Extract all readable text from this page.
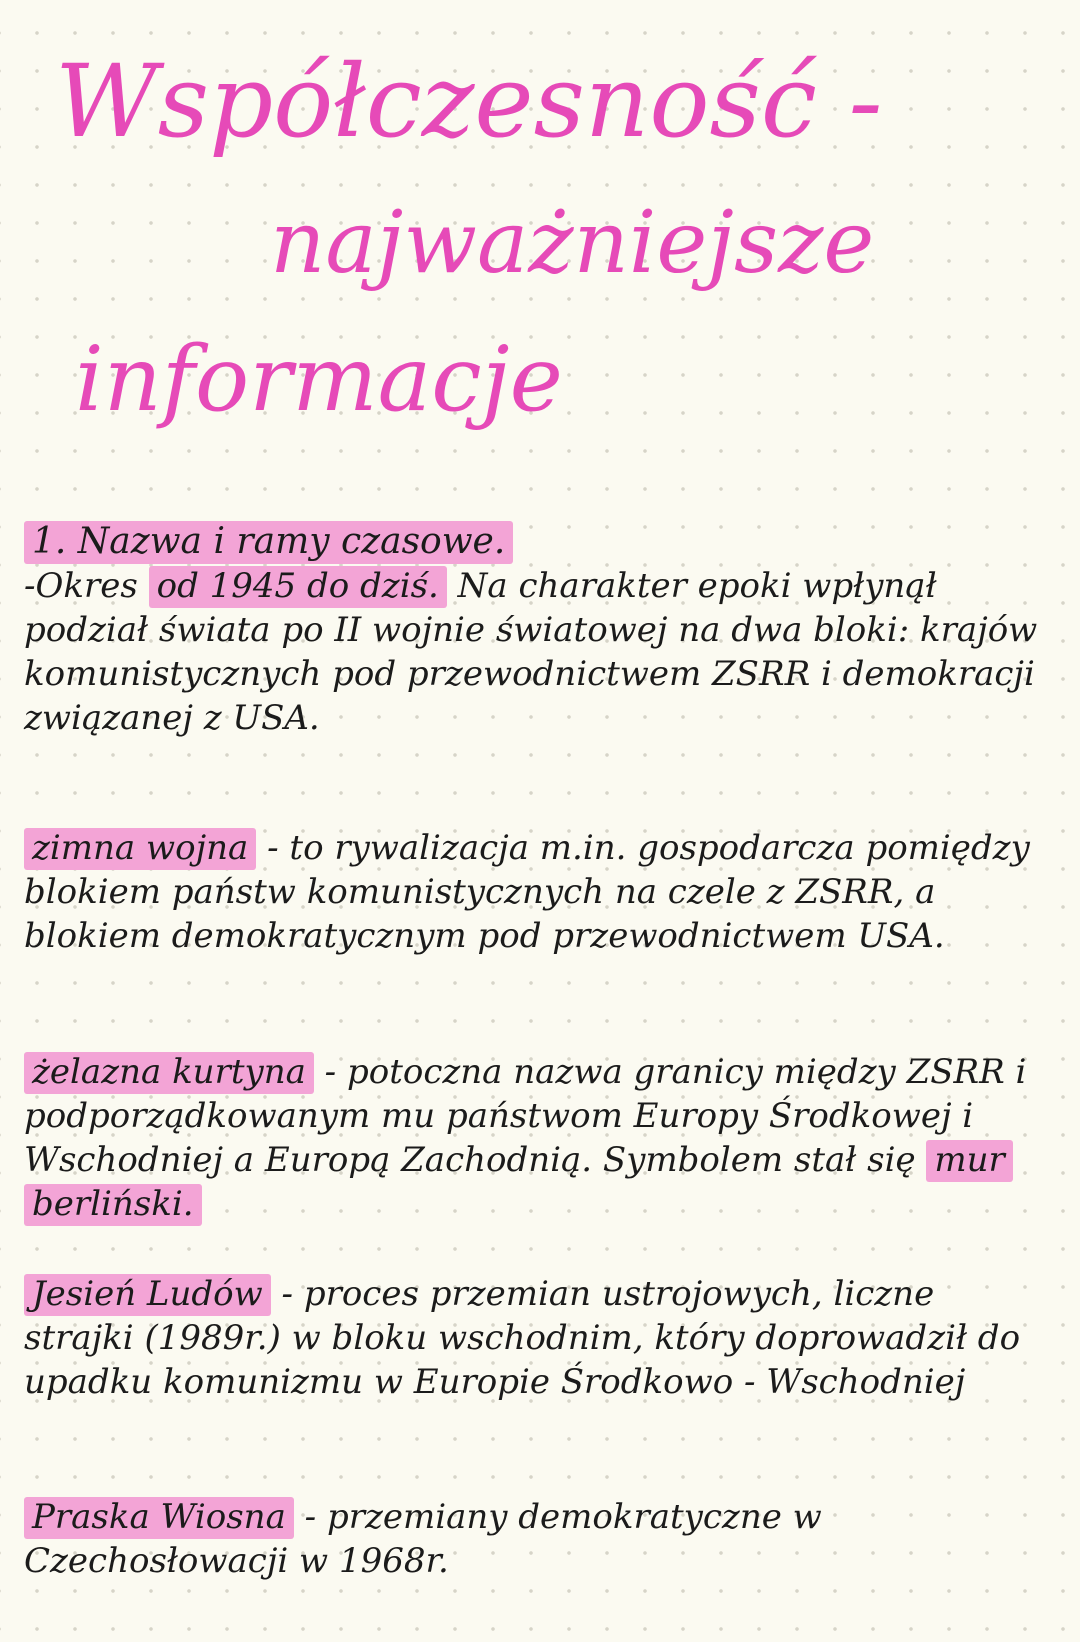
Współczesność -
najważniejsze
informacje

1. Nazwa i ramy czasowe.
-Okres od 1945 do dziś. Na charakter epoki wpłynął podział świata po II wojnie światowej na dwa bloki: krajów komunistycznych pod przewodnictwem ZSRR i demokracji związanej z USA.

zimna wojna - to rywalizacja m.in. gospodarcza pomiędzy blokiem państw komunistycznych na czele z ZSRR, a blokiem demokratycznym pod przewodnictwem USA.

żelazna kurtyna - potoczna nazwa granicy między ZSRR i podporządkowanym mu państwom Europy Środkowej i Wschodniej a Europą Zachodnią. Symbolem stał się mur berliński.

Jesień Ludów - proces przemian ustrojowych, liczne strajki (1989r.) w bloku wschodnim, który doprowadził do upadku komunizmu w Europie Środkowo - Wschodniej

Praska Wiosna - przemiany demokratyczne w Czechosłowacji w 1968r.
